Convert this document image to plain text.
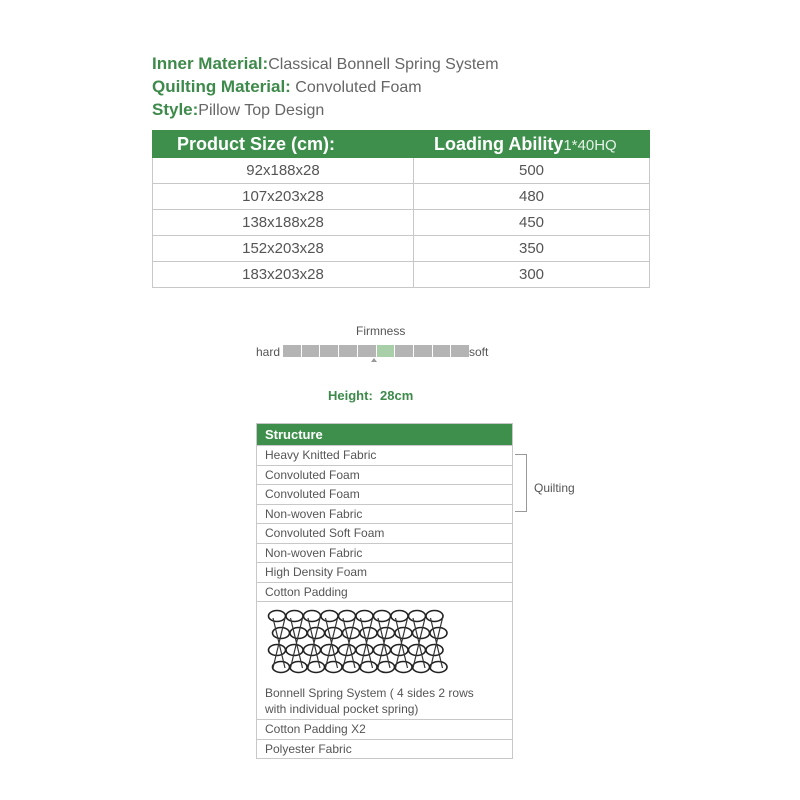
Inner Material:Classical Bonnell Spring System
Quilting Material: Convoluted Foam
Style:Pillow Top Design
Product Size (cm):	Loading Ability1*40HQ
92x188x28	500
107x203x28	480
138x188x28	450
152x203x28	350
183x203x28	300
Firmness
hard	soft
Height: 28cm
Structure
Heavy Knitted Fabric
Convoluted Foam
Convoluted Foam
Non-woven Fabric
Convoluted Soft Foam
Non-woven Fabric
High Density Foam
Cotton Padding
Bonnell Spring System ( 4 sides 2 rows
with individual pocket spring)
Cotton Padding X2
Polyester Fabric
Quilting
